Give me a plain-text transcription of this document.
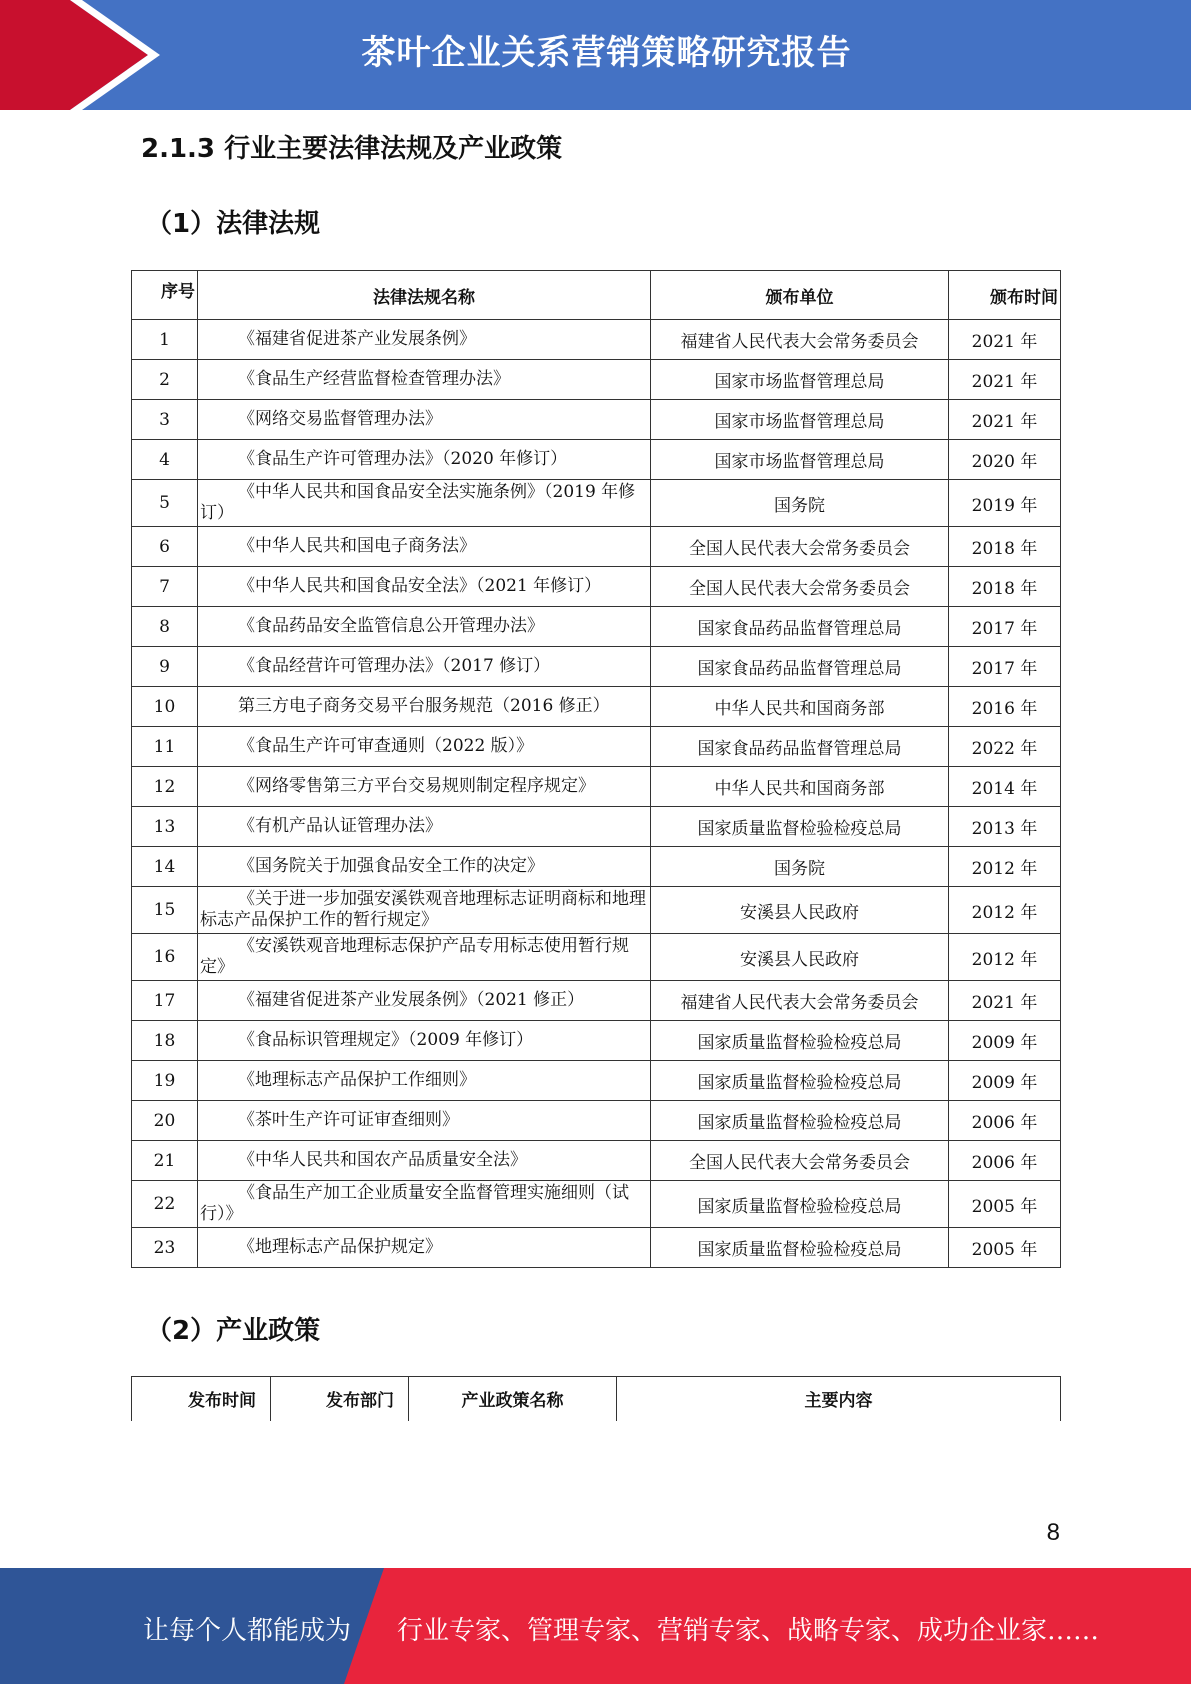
茶叶企业关系营销策略研究报告
2.1.3 行业主要法律法规及产业政策
（1）法律法规
序号	法律法规名称	颁布单位	颁布时间
1	《福建省促进茶产业发展条例》	福建省人民代表大会常务委员会	2021 年
2	《食品生产经营监督检查管理办法》	国家市场监督管理总局	2021 年
3	《网络交易监督管理办法》	国家市场监督管理总局	2021 年
4	《食品生产许可管理办法》（2020 年修订）	国家市场监督管理总局	2020 年
5	《中华人民共和国食品安全法实施条例》（2019 年修订）	国务院	2019 年
6	《中华人民共和国电子商务法》	全国人民代表大会常务委员会	2018 年
7	《中华人民共和国食品安全法》（2021 年修订）	全国人民代表大会常务委员会	2018 年
8	《食品药品安全监管信息公开管理办法》	国家食品药品监督管理总局	2017 年
9	《食品经营许可管理办法》（2017 修订）	国家食品药品监督管理总局	2017 年
10	第三方电子商务交易平台服务规范（2016 修正）	中华人民共和国商务部	2016 年
11	《食品生产许可审查通则（2022 版）》	国家食品药品监督管理总局	2022 年
12	《网络零售第三方平台交易规则制定程序规定》	中华人民共和国商务部	2014 年
13	《有机产品认证管理办法》	国家质量监督检验检疫总局	2013 年
14	《国务院关于加强食品安全工作的决定》	国务院	2012 年
15	《关于进一步加强安溪铁观音地理标志证明商标和地理 标志产品保护工作的暂行规定》	安溪县人民政府	2012 年
16	《安溪铁观音地理标志保护产品专用标志使用暂行规定》	安溪县人民政府	2012 年
17	《福建省促进茶产业发展条例》（2021 修正）	福建省人民代表大会常务委员会	2021 年
18	《食品标识管理规定》（2009 年修订）	国家质量监督检验检疫总局	2009 年
19	《地理标志产品保护工作细则》	国家质量监督检验检疫总局	2009 年
20	《茶叶生产许可证审查细则》	国家质量监督检验检疫总局	2006 年
21	《中华人民共和国农产品质量安全法》	全国人民代表大会常务委员会	2006 年
22	《食品生产加工企业质量安全监督管理实施细则（试行）》	国家质量监督检验检疫总局	2005 年
23	《地理标志产品保护规定》	国家质量监督检验检疫总局	2005 年
（2）产业政策
发布时间	发布部门	产业政策名称	主要内容

8
让每个人都能成为 行业专家、管理专家、营销专家、战略专家、成功企业家……
